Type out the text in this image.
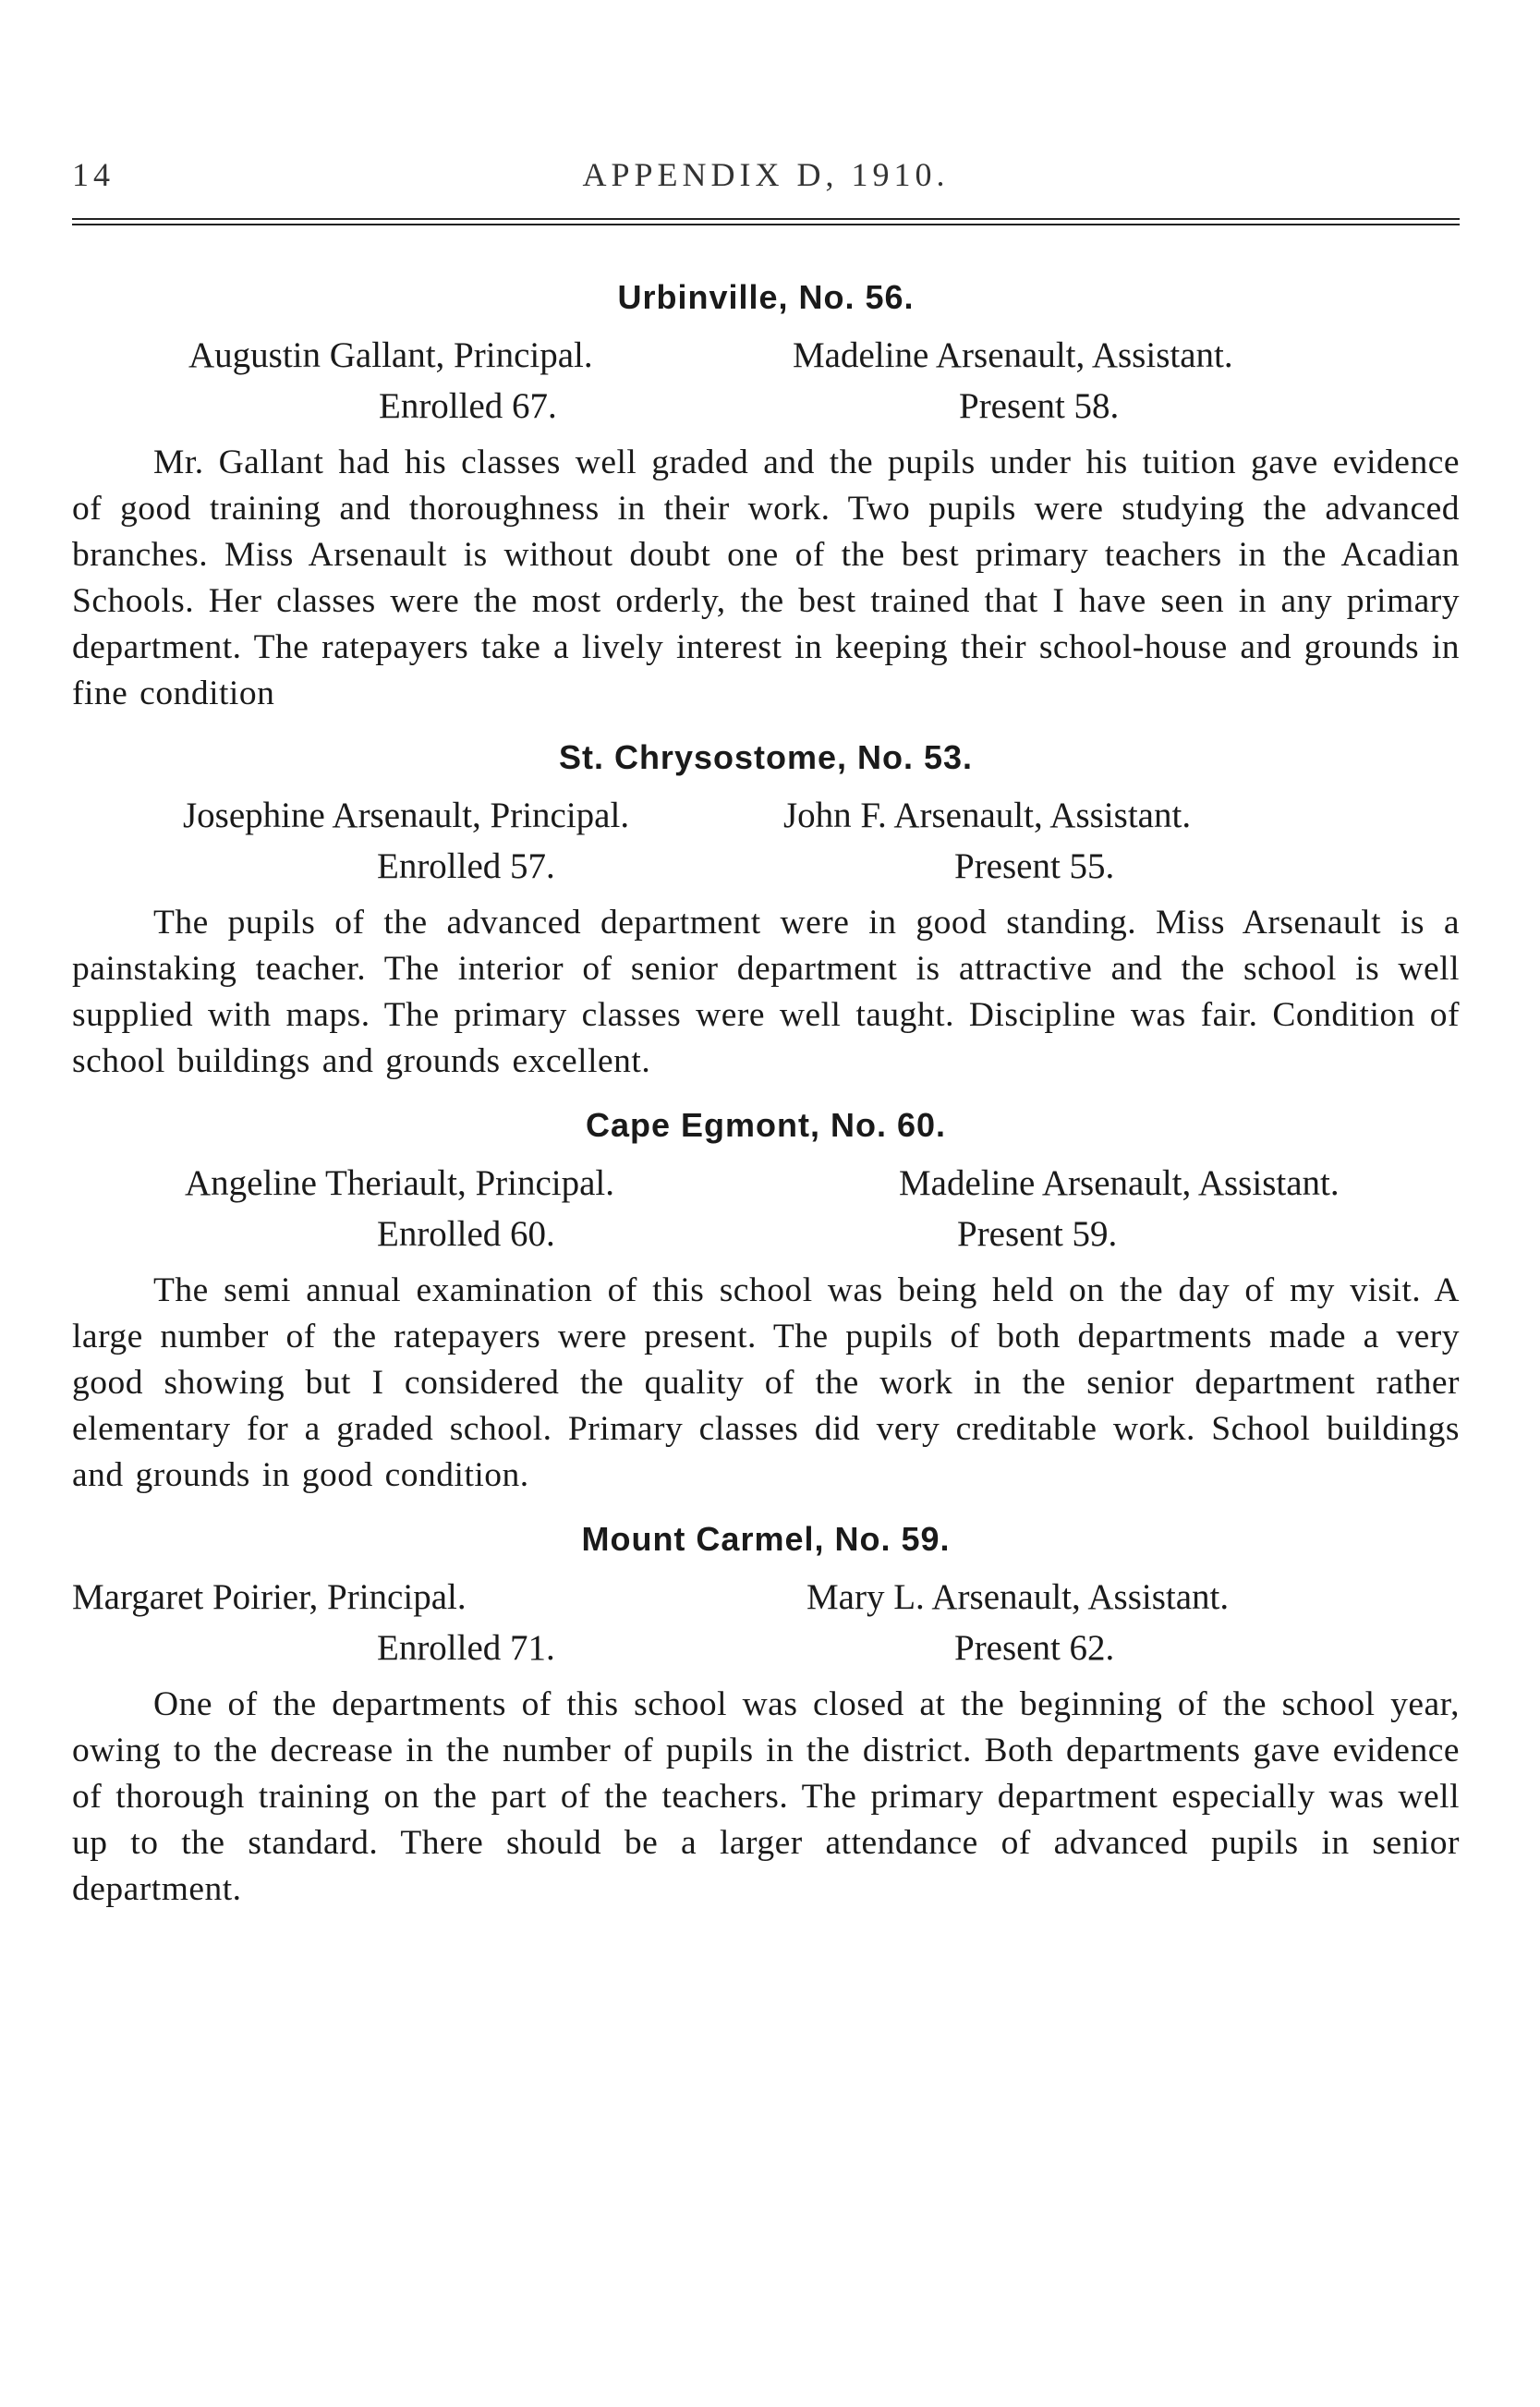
14	APPENDIX D, 1910.
Urbinville, No. 56.
Augustin Gallant, Principal.	Madeline Arsenault, Assistant.
Enrolled 67.	Present 58.

Mr. Gallant had his classes well graded and the pupils under his tuition gave evidence of good training and thoroughness in their work. Two pupils were studying the advanced branches. Miss Arsenault is without doubt one of the best primary teachers in the Acadian Schools. Her classes were the most orderly, the best trained that I have seen in any primary department. The ratepayers take a lively interest in keeping their school-house and grounds in fine condition

St. Chrysostome, No. 53.
Josephine Arsenault, Principal.	John F. Arsenault, Assistant.
Enrolled 57.	Present 55.

The pupils of the advanced department were in good standing. Miss Arsenault is a painstaking teacher. The interior of senior department is attractive and the school is well supplied with maps. The primary classes were well taught. Discipline was fair. Condition of school buildings and grounds excellent.

Cape Egmont, No. 60.
Angeline Theriault, Principal.	Madeline Arsenault, Assistant.
Enrolled 60.	Present 59.

The semi annual examination of this school was being held on the day of my visit. A large number of the ratepayers were present. The pupils of both departments made a very good showing but I considered the quality of the work in the senior department rather elementary for a graded school. Primary classes did very creditable work. School buildings and grounds in good condition.

Mount Carmel, No. 59.
Margaret Poirier, Principal.	Mary L. Arsenault, Assistant.
Enrolled 71.	Present 62.

One of the departments of this school was closed at the beginning of the school year, owing to the decrease in the number of pupils in the district. Both departments gave evidence of thorough training on the part of the teachers. The primary department especially was well up to the standard. There should be a larger attendance of advanced pupils in senior department.
